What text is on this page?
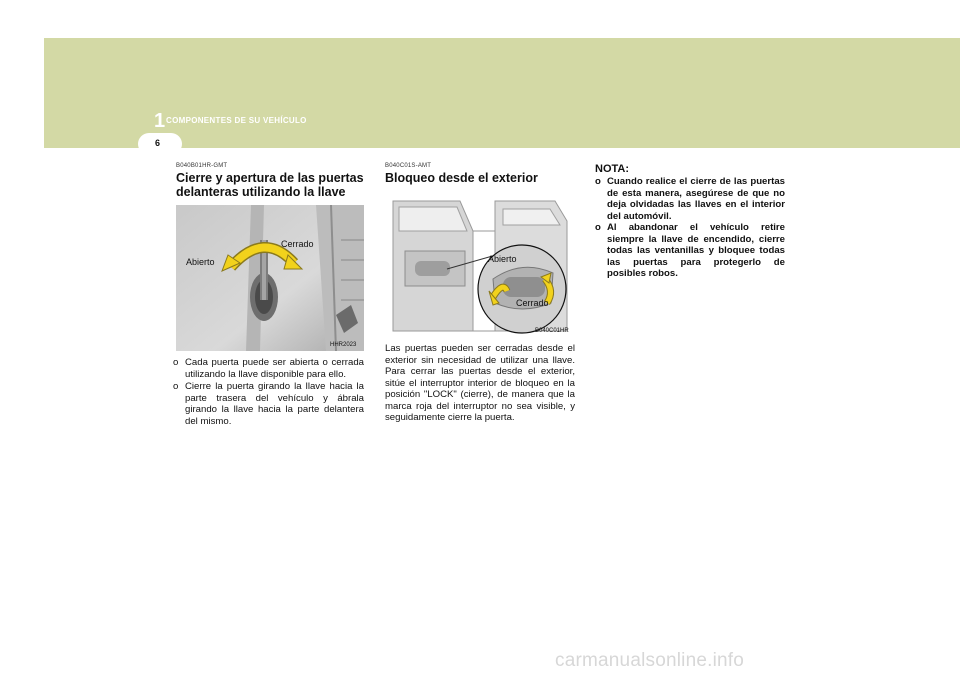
1 COMPONENTES DE SU VEHÍCULO
6
B040B01HR-GMT
Cierre y apertura de las puertas
delanteras utilizando la llave
Abierto
Cerrado
HHR2023
o Cada puerta puede ser abierta o cerrada utilizando la llave disponible para ello.
o Cierre la puerta girando la llave hacia la parte trasera del vehículo y ábrala girando la llave hacia la parte delantera del mismo.
B040C01S-AMT
Bloqueo desde el exterior
Abierto
Cerrado
B040C01HR
Las puertas pueden ser cerradas desde el exterior sin necesidad de utilizar una llave. Para cerrar las puertas desde el exterior, sitúe el interruptor interior de bloqueo en la posición "LOCK" (cierre), de manera que la marca roja del interruptor no sea visible, y seguidamente cierre la puerta.
NOTA:
o Cuando realice el cierre de las puertas de esta manera, asegúrese de que no deja olvidadas las llaves en el interior del automóvil.
o Al abandonar el vehículo retire siempre la llave de encendido, cierre todas las ventanillas y bloquee todas las puertas para protegerlo de posibles robos.
carmanualsonline.info
